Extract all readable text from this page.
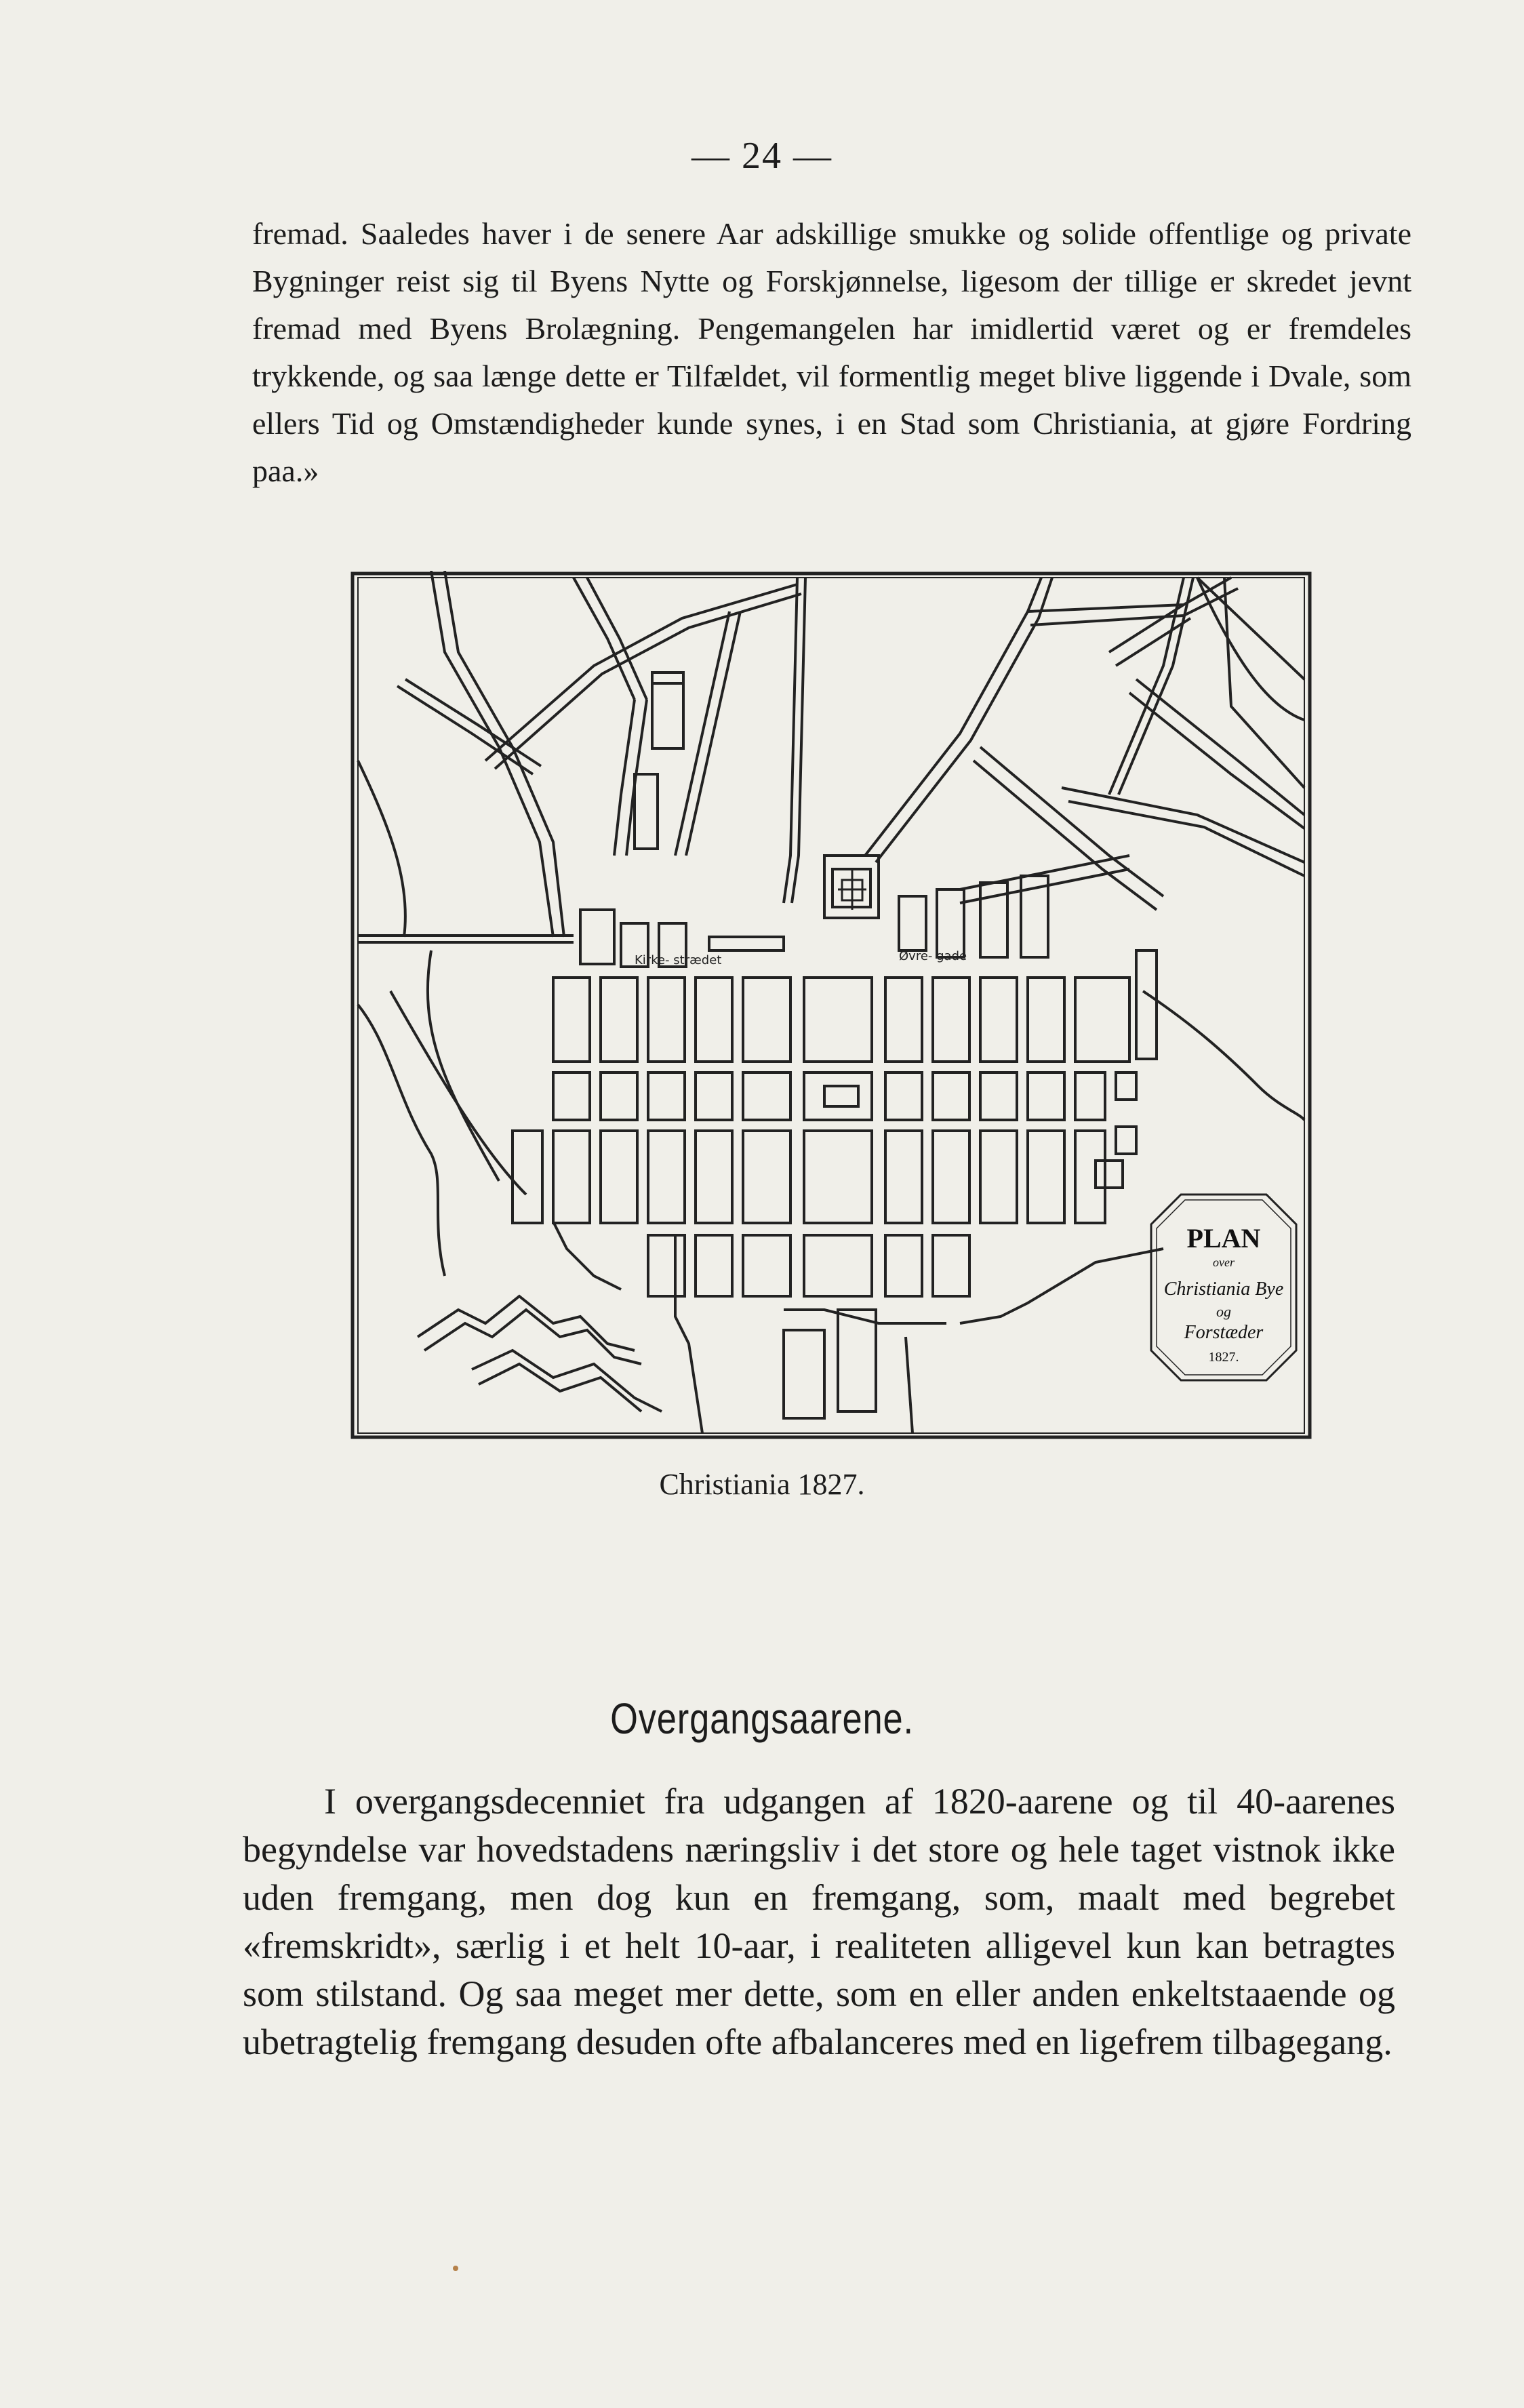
— 24 —
fremad. Saaledes haver i de senere Aar adskillige smukke og solide offentlige og private Bygninger reist sig til Byens Nytte og Forskjønnelse, ligesom der tillige er skredet jevnt fremad med Byens Brolægning. Pengemangelen har imidlertid været og er fremdeles trykkende, og saa længe dette er Tilfældet, vil formentlig meget blive liggende i Dvale, som ellers Tid og Omstændigheder kunde synes, i en Stad som Christiania, at gjøre Fordring paa.»
Kirke- strædet	Øvre- gade
PLAN
over
Christiania Bye
og
Forstæder
1827.
Christiania 1827.
Overgangsaarene.
I overgangsdecenniet fra udgangen af 1820-aarene og til 40-aarenes begyndelse var hovedstadens næringsliv i det store og hele taget vistnok ikke uden fremgang, men dog kun en fremgang, som, maalt med begrebet «fremskridt», særlig i et helt 10-aar, i realiteten alligevel kun kan betragtes som stilstand. Og saa meget mer dette, som en eller anden enkeltstaaende og ubetragtelig fremgang desuden ofte afbalanceres med en ligefrem tilbagegang.
